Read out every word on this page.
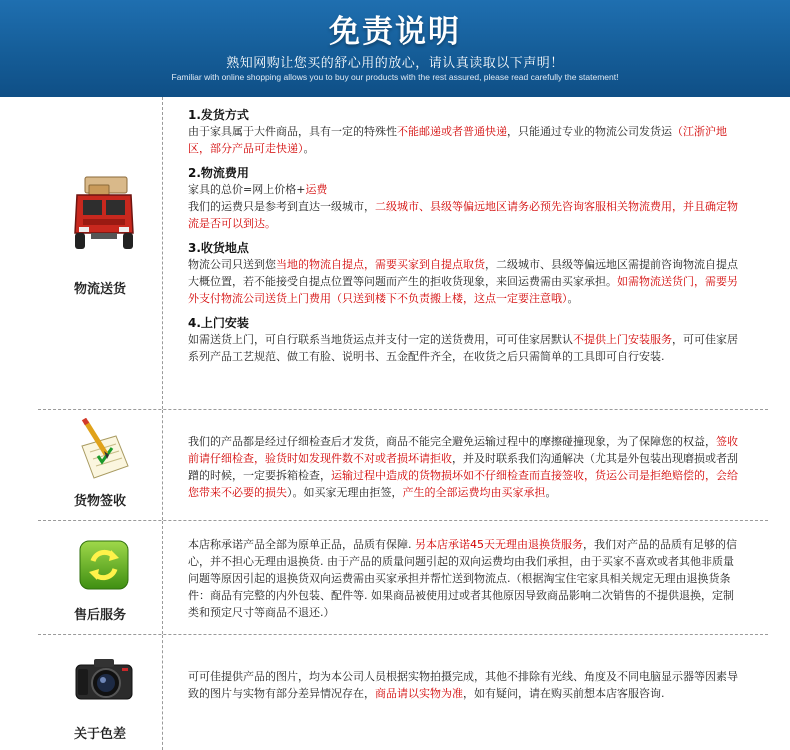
免责说明
熟知网购让您买的舒心用的放心，请认真读取以下声明！
Familiar with online shopping allows you to buy our products with the rest assured, please read carefully the statement!
物流送货
1.发货方式

由于家具属于大件商品，具有一定的特殊性不能邮递或者普通快递，只能通过专业的物流公司发货运（江浙沪地区，部分产品可走快递）。

2.物流费用

家具的总价=网上价格+运费

我们的运费只是参考到直达一级城市，二级城市、县级等偏远地区请务必预先咨询客服相关物流费用，并且确定物流是否可以到达。

3.收货地点

物流公司只送到您当地的物流自提点，需要买家到自提点取货，二级城市、县级等偏远地区需提前咨询物流自提点大概位置，若不能接受自提点位置等问题而产生的拒收货现象，来回运费需由买家承担。如需物流送货门，需要另外支付物流公司送货上门费用（只送到楼下不负责搬上楼，这点一定要注意哦）。

4.上门安装

如需送货上门，可自行联系当地货运点并支付一定的送货费用，可可佳家居默认不提供上门安装服务，可可佳家居系列产品工艺规范、做工有脸、说明书、五金配件齐全，在收货之后只需简单的工具即可自行安装.

货物签收

我们的产品都是经过仔细检查后才发货，商品不能完全避免运输过程中的摩擦碰撞现象，为了保障您的权益，签收前请仔细检查，验货时如发现件数不对或者损坏请拒收，并及时联系我们沟通解决（尤其是外包装出现磨损或者刮蹭的时候，一定要拆箱检查，运输过程中造成的货物损坏如不仔细检查而直接签收，货运公司是拒绝赔偿的，会给您带来不必要的损失）。如买家无理由拒签，产生的全部运费均由买家承担。

售后服务

本店称承诺产品全部为原单正品，品质有保障. 另本店承诺45天无理由退换货服务，我们对产品的品质有足够的信心，并不担心无理由退换货. 由于产品的质量问题引起的双向运费均由我们承担，由于买家不喜欢或者其他非质量问题等原因引起的退换货双向运费需由买家承担并帮忙送到物流点.（根据淘宝住宅家具相关规定无理由退换货条件：商品有完整的内外包装、配件等. 如果商品被使用过或者其他原因导致商品影响二次销售的不提供退换，定制类和预定尺寸等商品不退还.）

关于色差

可可佳提供产品的图片，均为本公司人员根据实物拍摄完成，其他不排除有光线、角度及不同电脑显示器等因素导致的图片与实物有部分差异情况存在，商品请以实物为准，如有疑问，请在购买前想本店客服咨询.
